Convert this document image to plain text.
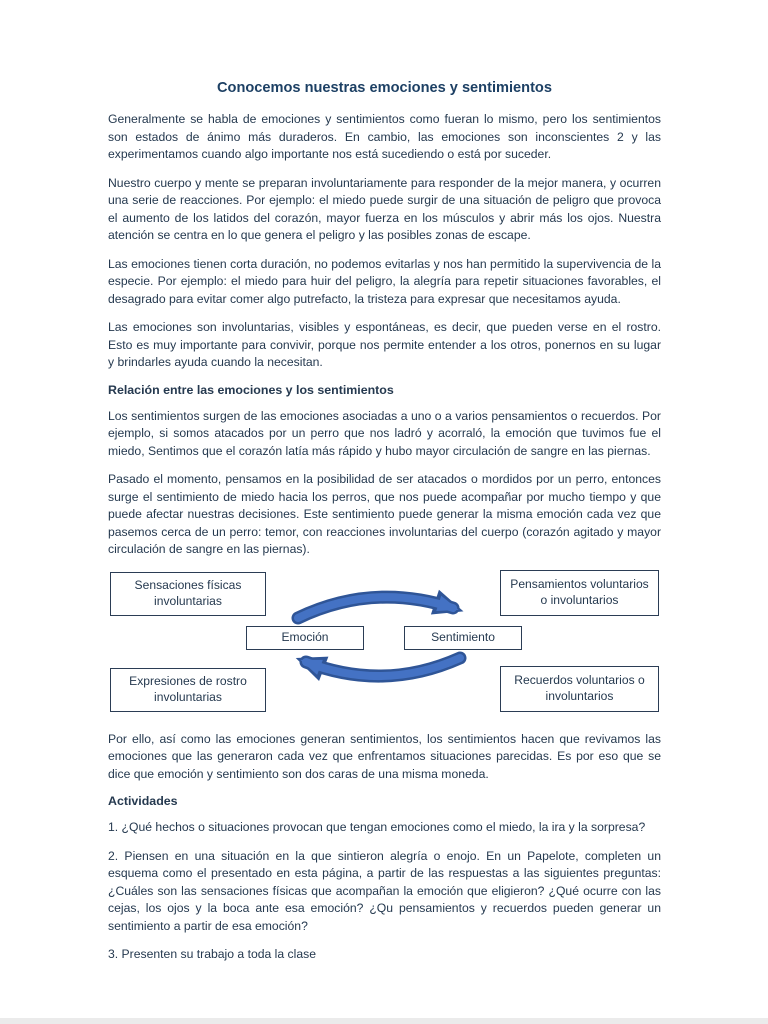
Conocemos nuestras emociones y sentimientos

Generalmente se habla de emociones y sentimientos como fueran lo mismo, pero los sentimientos son estados de ánimo más duraderos. En cambio, las emociones son inconscientes 2 y las experimentamos cuando algo importante nos está sucediendo o está por suceder.

Nuestro cuerpo y mente se preparan involuntariamente para responder de la mejor manera, y ocurren una serie de reacciones. Por ejemplo: el miedo puede surgir de una situación de peligro que provoca el aumento de los latidos del corazón, mayor fuerza en los músculos y abrir más los ojos. Nuestra atención se centra en lo que genera el peligro y las posibles zonas de escape.

Las emociones tienen corta duración, no podemos evitarlas y nos han permitido la supervivencia de la especie. Por ejemplo: el miedo para huir del peligro, la alegría para repetir situaciones favorables, el desagrado para evitar comer algo putrefacto, la tristeza para expresar que necesitamos ayuda.

Las emociones son involuntarias, visibles y espontáneas, es decir, que pueden verse en el rostro. Esto es muy importante para convivir, porque nos permite entender a los otros, ponernos en su lugar y brindarles ayuda cuando la necesitan.

Relación entre las emociones y los sentimientos

Los sentimientos surgen de las emociones asociadas a uno o a varios pensamientos o recuerdos. Por ejemplo, si somos atacados por un perro que nos ladró y acorraló, la emoción que tuvimos fue el miedo, Sentimos que el corazón latía más rápido y hubo mayor circulación de sangre en las piernas.

Pasado el momento, pensamos en la posibilidad de ser atacados o mordidos por un perro, entonces surge el sentimiento de miedo hacia los perros, que nos puede acompañar por mucho tiempo y que puede afectar nuestras decisiones. Este sentimiento puede generar la misma emoción cada vez que pasemos cerca de un perro: temor, con reacciones involuntarias del cuerpo (corazón agitado y mayor circulación de sangre en las piernas).

Sensaciones físicas involuntarias
Pensamientos voluntarios o involuntarios
Emoción	Sentimiento
Expresiones de rostro involuntarias
Recuerdos voluntarios o involuntarios

Por ello, así como las emociones generan sentimientos, los sentimientos hacen que revivamos las emociones que las generaron cada vez que enfrentamos situaciones parecidas. Es por eso que se dice que emoción y sentimiento son dos caras de una misma moneda.

Actividades

1. ¿Qué hechos o situaciones provocan que tengan emociones como el miedo, la ira y la sorpresa?

2. Piensen en una situación en la que sintieron alegría o enojo. En un Papelote, completen un esquema como el presentado en esta página, a partir de las respuestas a las siguientes preguntas: ¿Cuáles son las sensaciones físicas que acompañan la emoción que eligieron? ¿Qué ocurre con las cejas, los ojos y la boca ante esa emoción? ¿Qu pensamientos y recuerdos pueden generar un sentimiento a partir de esa emoción?

3. Presenten su trabajo a toda la clase
